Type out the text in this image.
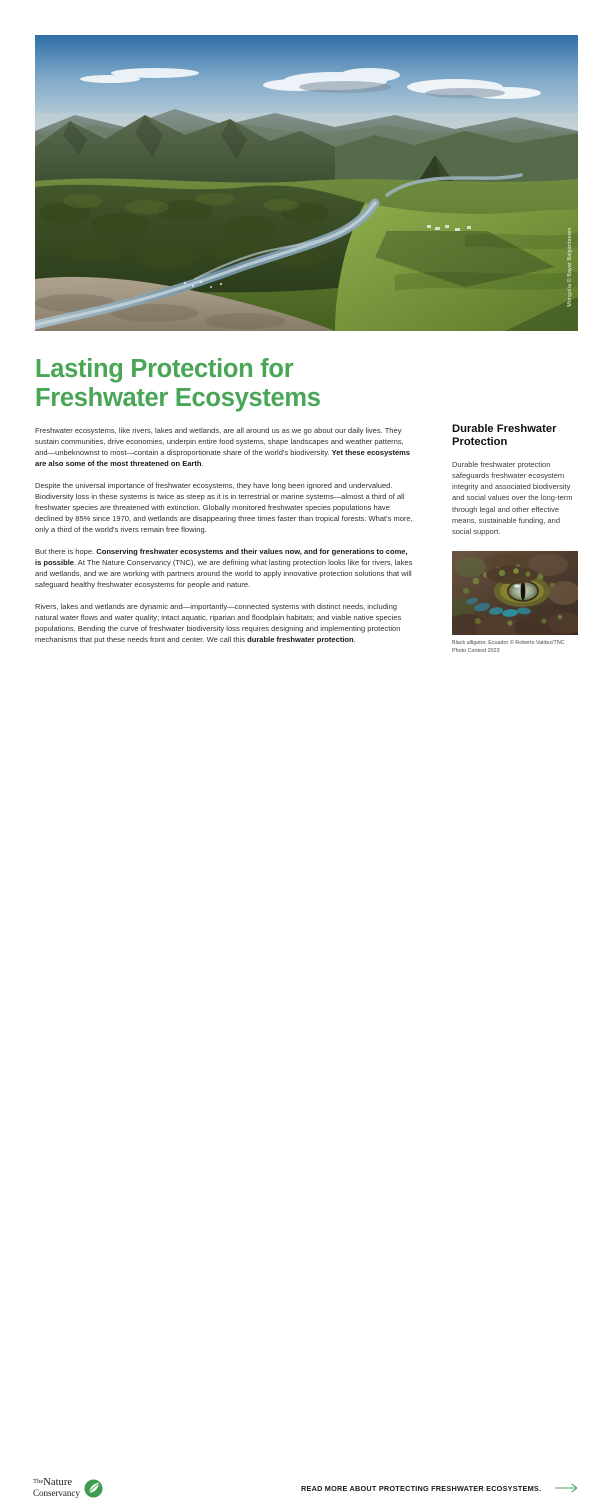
Mongolia © Bayar Balgantseren
Lasting Protection for
Freshwater Ecosystems

Freshwater ecosystems, like rivers, lakes and wetlands, are all around us as we go about our daily lives. They sustain communities, drive economies, underpin entire food systems, shape landscapes and weather patterns, and—unbeknownst to most—contain a disproportionate share of the world's biodiversity. Yet these ecosystems are also some of the most threatened on Earth.

Despite the universal importance of freshwater ecosystems, they have long been ignored and undervalued. Biodiversity loss in these systems is twice as steep as it is in terrestrial or marine systems—almost a third of all freshwater species are threatened with extinction. Globally monitored freshwater species populations have declined by 85% since 1970, and wetlands are disappearing three times faster than tropical forests. What's more, only a third of the world's rivers remain free flowing.

But there is hope. Conserving freshwater ecosystems and their values now, and for generations to come, is possible. At The Nature Conservancy (TNC), we are defining what lasting protection looks like for rivers, lakes and wetlands, and we are working with partners around the world to apply innovative protection solutions that will safeguard healthy freshwater ecosystems for people and nature.

Rivers, lakes and wetlands are dynamic and—importantly—connected systems with distinct needs, including natural water flows and water quality; intact aquatic, riparian and floodplain habitats; and viable native species populations. Bending the curve of freshwater biodiversity loss requires designing and implementing protection mechanisms that put these needs front and center. We call this durable freshwater protection.

Durable Freshwater Protection
Durable freshwater protection safeguards freshwater ecosystem integrity and associated biodiversity and social values over the long-term through legal and other effective means, sustainable funding, and social support.
Black alligator, Ecuador © Roberto Valdez/TNC Photo Contest 2023
TheNature
Conservancy	READ MORE ABOUT PROTECTING FRESHWATER ECOSYSTEMS.
